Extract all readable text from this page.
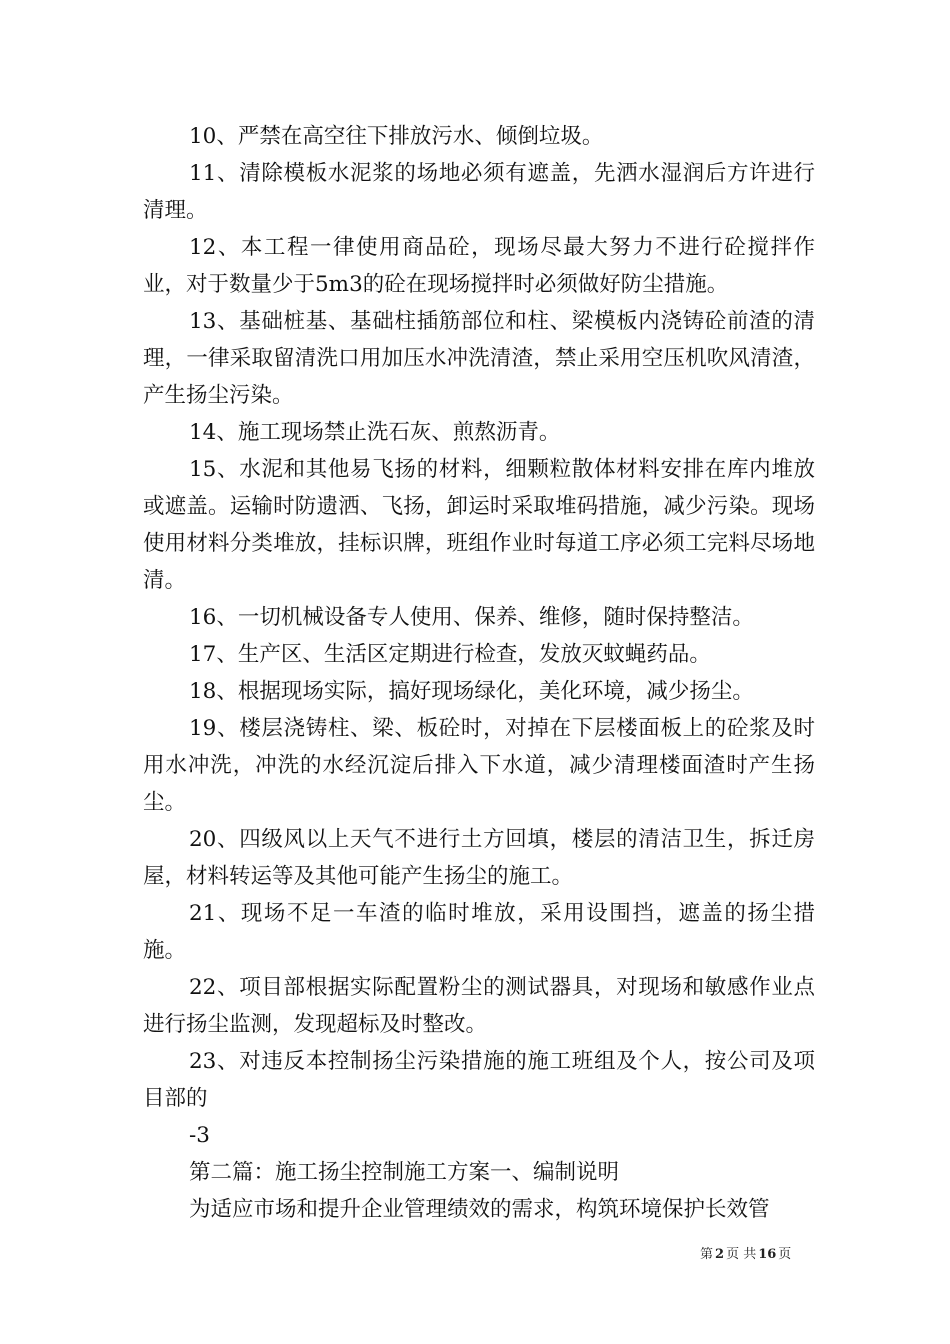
10、严禁在高空往下排放污水、倾倒垃圾。

11、清除模板水泥浆的场地必须有遮盖，先洒水湿润后方许进行清理。

12、本工程一律使用商品砼，现场尽最大努力不进行砼搅拌作业，对于数量少于5m3的砼在现场搅拌时必须做好防尘措施。

13、基础桩基、基础柱插筋部位和柱、梁模板内浇铸砼前渣的清理，一律采取留清洗口用加压水冲洗清渣，禁止采用空压机吹风清渣，产生扬尘污染。

14、施工现场禁止洗石灰、煎熬沥青。

15、水泥和其他易飞扬的材料，细颗粒散体材料安排在库内堆放或遮盖。运输时防遗洒、飞扬，卸运时采取堆码措施，减少污染。现场使用材料分类堆放，挂标识牌，班组作业时每道工序必须工完料尽场地清。

16、一切机械设备专人使用、保养、维修，随时保持整洁。

17、生产区、生活区定期进行检查，发放灭蚊蝇药品。

18、根据现场实际，搞好现场绿化，美化环境，减少扬尘。

19、楼层浇铸柱、梁、板砼时，对掉在下层楼面板上的砼浆及时用水冲洗，冲洗的水经沉淀后排入下水道，减少清理楼面渣时产生扬尘。

20、四级风以上天气不进行土方回填，楼层的清洁卫生，拆迁房屋，材料转运等及其他可能产生扬尘的施工。

21、现场不足一车渣的临时堆放，采用设围挡，遮盖的扬尘措施。

22、项目部根据实际配置粉尘的测试器具，对现场和敏感作业点进行扬尘监测，发现超标及时整改。

23、对违反本控制扬尘污染措施的施工班组及个人，按公司及项目部的

-3

第二篇：施工扬尘控制施工方案一、编制说明

为适应市场和提升企业管理绩效的需求，构筑环境保护长效管

第 2 页 共 16 页
